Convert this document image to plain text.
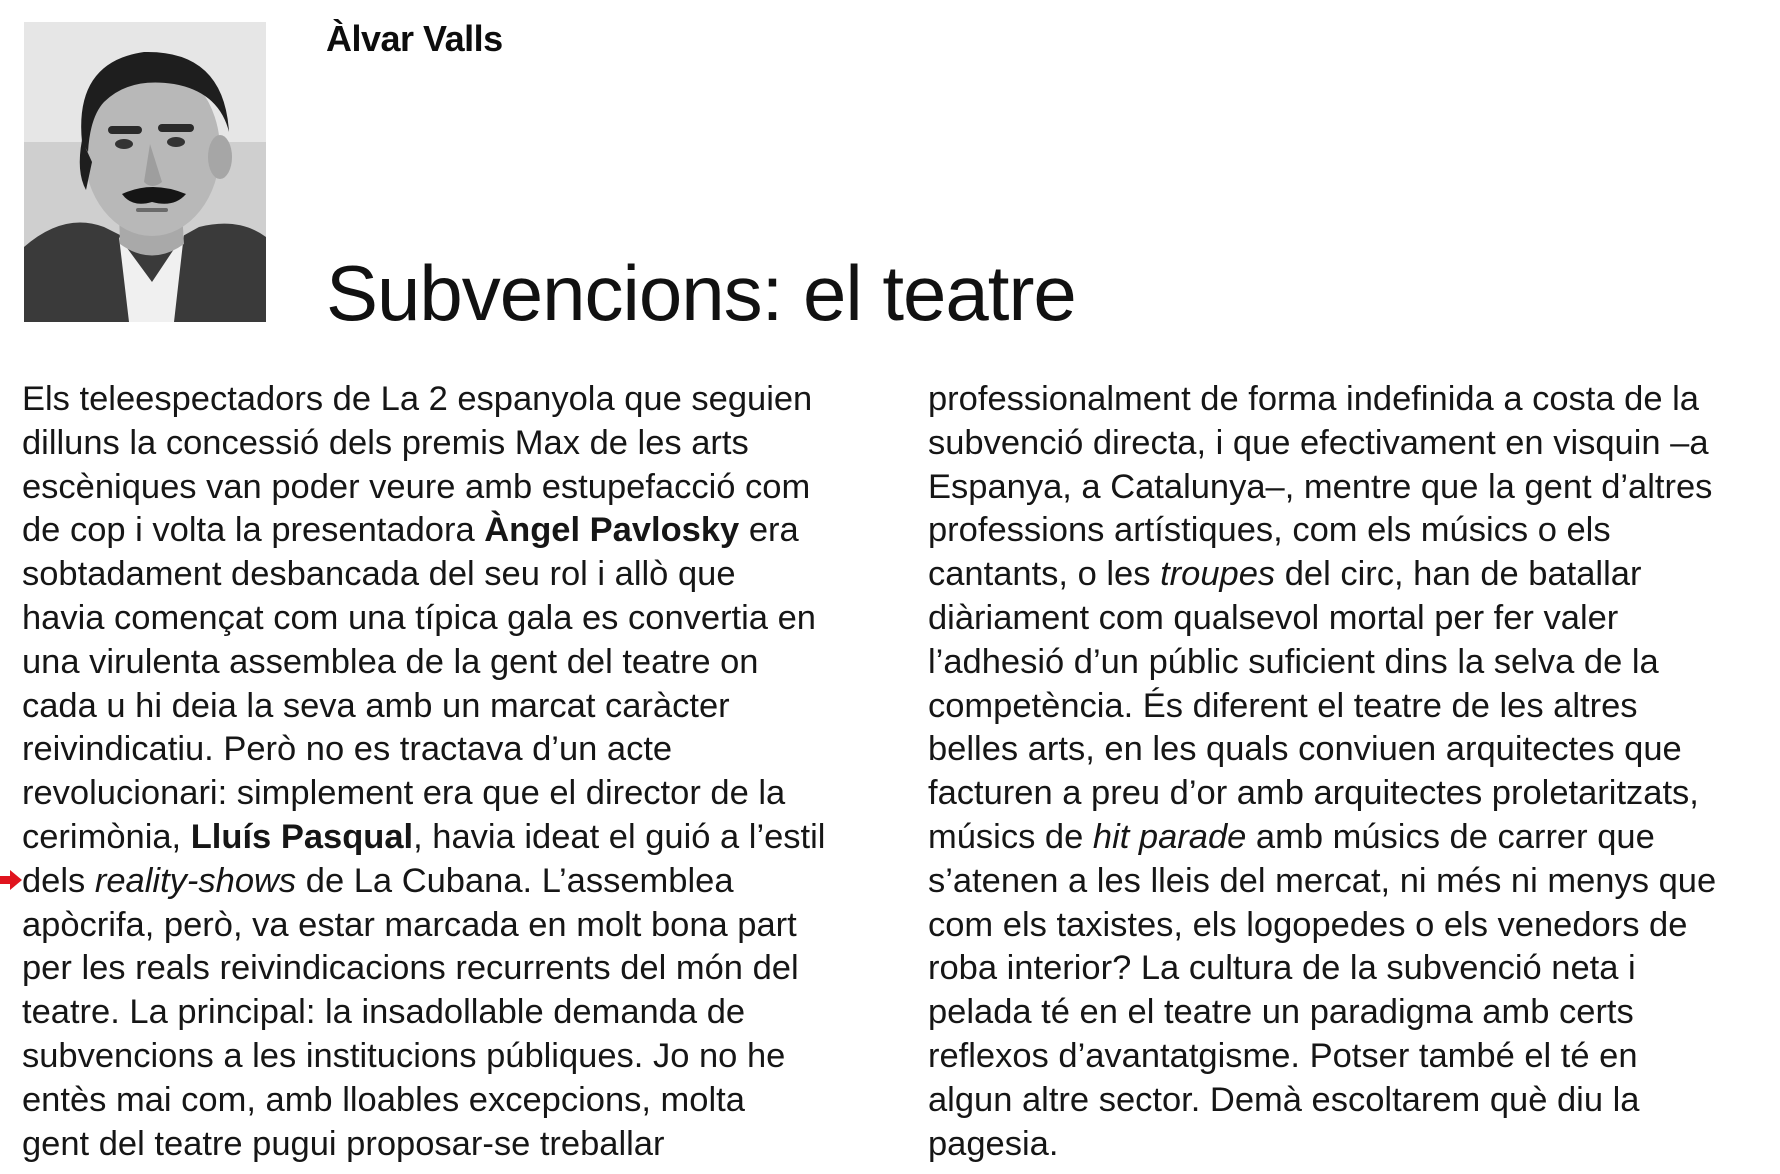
Àlvar Valls
Subvencions: el teatre
Els teleespectadors de La 2 espanyola que seguien
dilluns la concessió dels premis Max de les arts
escèniques van poder veure amb estupefacció com
de cop i volta la presentadora Àngel Pavlosky era
sobtadament desbancada del seu rol i allò que
havia començat com una típica gala es convertia en
una virulenta assemblea de la gent del teatre on
cada u hi deia la seva amb un marcat caràcter
reivindicatiu. Però no es tractava d’un acte
revolucionari: simplement era que el director de la
cerimònia, Lluís Pasqual, havia ideat el guió a l’estil
dels reality-shows de La Cubana. L’assemblea
apòcrifa, però, va estar marcada en molt bona part
per les reals reivindicacions recurrents del món del
teatre. La principal: la insadollable demanda de
subvencions a les institucions públiques. Jo no he
entès mai com, amb lloables excepcions, molta
gent del teatre pugui proposar-se treballar
professionalment de forma indefinida a costa de la
subvenció directa, i que efectivament en visquin –a
Espanya, a Catalunya–, mentre que la gent d’altres
professions artístiques, com els músics o els
cantants, o les troupes del circ, han de batallar
diàriament com qualsevol mortal per fer valer
l’adhesió d’un públic suficient dins la selva de la
competència. És diferent el teatre de les altres
belles arts, en les quals conviuen arquitectes que
facturen a preu d’or amb arquitectes proletaritzats,
músics de hit parade amb músics de carrer que
s’atenen a les lleis del mercat, ni més ni menys que
com els taxistes, els logopedes o els venedors de
roba interior? La cultura de la subvenció neta i
pelada té en el teatre un paradigma amb certs
reflexos d’avantatgisme. Potser també el té en
algun altre sector. Demà escoltarem què diu la
pagesia.
